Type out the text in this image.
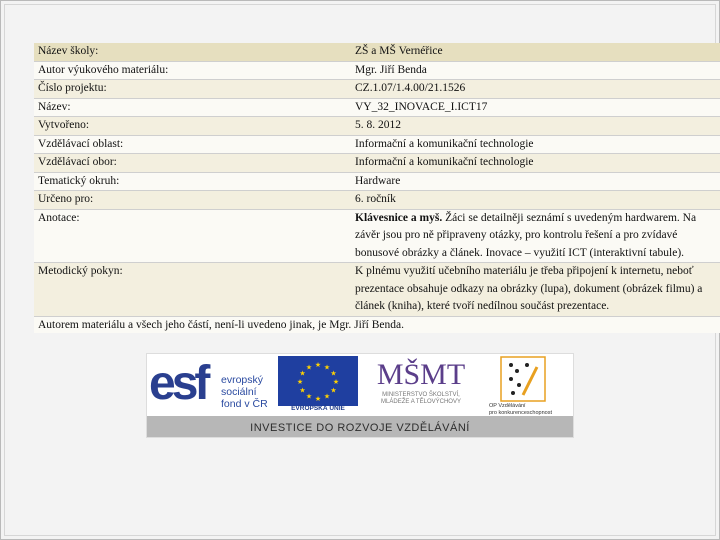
Název školy:	ZŠ a MŠ Vernéřice
Autor výukového materiálu:	Mgr. Jiří Benda
Číslo projektu:	CZ.1.07/1.4.00/21.1526
Název:	VY_32_INOVACE_I.ICT17
Vytvořeno:	5. 8. 2012
Vzdělávací oblast:	Informační a komunikační technologie
Vzdělávací obor:	Informační a komunikační technologie
Tematický okruh:	Hardware
Určeno pro:	6. ročník
Anotace:	Klávesnice a myš. Žáci se detailněji seznámí s uvedeným hardwarem. Na závěr jsou pro ně připraveny otázky, pro kontrolu řešení a pro zvídavé bonusové obrázky a článek. Inovace – využití ICT (interaktivní tabule).
Metodický pokyn:	K plnému využití učebního materiálu je třeba připojení k internetu, neboť prezentace obsahuje odkazy na obrázky (lupa), dokument (obrázek filmu) a článek (kniha), které tvoří nedílnou součást prezentace.
Autorem materiálu a všech jeho částí, není-li uvedeno jinak, je Mgr. Jiří Benda.	
esf evropský
sociální
fond v ČR
★ ★
★
★
★
★
★
★
★
★
★
★
EVROPSKÁ UNIE
MŠMT
MINISTERSTVO ŠKOLSTVÍ,
MLÁDEŽE A TĚLOVÝCHOVY
OP Vzdělávání
pro konkurenceschopnost
INVESTICE DO ROZVOJE VZDĚLÁVÁNÍ
